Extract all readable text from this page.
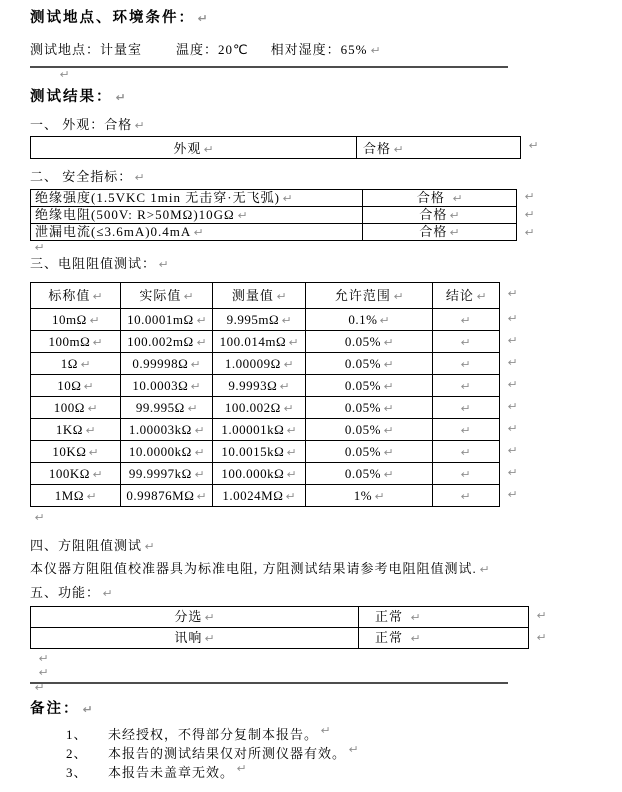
测试地点、环境条件： ↵

测试地点：计量室	温度：20℃ 相对湿度：65% ↵

↵
测试结果： ↵

一、 外观：合格 ↵

外观 ↵	合格 ↵	↵

二、 安全指标： ↵

绝缘强度(1.5VKC 1min 无击穿·无飞弧) ↵	合格 ↵
绝缘电阻(500V: R>50MΩ)10GΩ ↵	合格 ↵
泄漏电流(≤3.6mA)0.4mA ↵	合格 ↵
↵
↵
↵
↵

三、电阻阻值测试： ↵

标称值 ↵	实际值 ↵	测量值 ↵	允许范围 ↵	结论 ↵
10mΩ ↵	10.0001mΩ ↵	9.995mΩ ↵	0.1% ↵	↵
100mΩ ↵	100.002mΩ ↵	100.014mΩ ↵	0.05% ↵	↵
1Ω ↵	0.99998Ω ↵	1.00009Ω ↵	0.05% ↵	↵
10Ω ↵	10.0003Ω ↵	9.9993Ω ↵	0.05% ↵	↵
100Ω ↵	99.995Ω ↵	100.002Ω ↵	0.05% ↵	↵
1KΩ ↵	1.00003kΩ ↵	1.00001kΩ ↵	0.05% ↵	↵
10KΩ ↵	10.0000kΩ ↵	10.0015kΩ ↵	0.05% ↵	↵
100KΩ ↵	99.9997kΩ ↵	100.000kΩ ↵	0.05% ↵	↵
1MΩ ↵	0.99876MΩ ↵	1.0024MΩ ↵	1% ↵	↵
↵
↵
↵
↵
↵
↵
↵
↵
↵
↵
↵

四、方阻阻值测试 ↵

本仪器方阻阻值校准器具为标准电阻, 方阻测试结果请参考电阻阻值测试. ↵

五、功能： ↵

分选 ↵	正常 ↵
讯响 ↵	正常 ↵
↵
↵
↵
↵
↵
备注： ↵
1、	未经授权，不得部分复制本报告。 ↵
2、	本报告的测试结果仅对所测仪器有效。 ↵
3、	本报告未盖章无效。 ↵
